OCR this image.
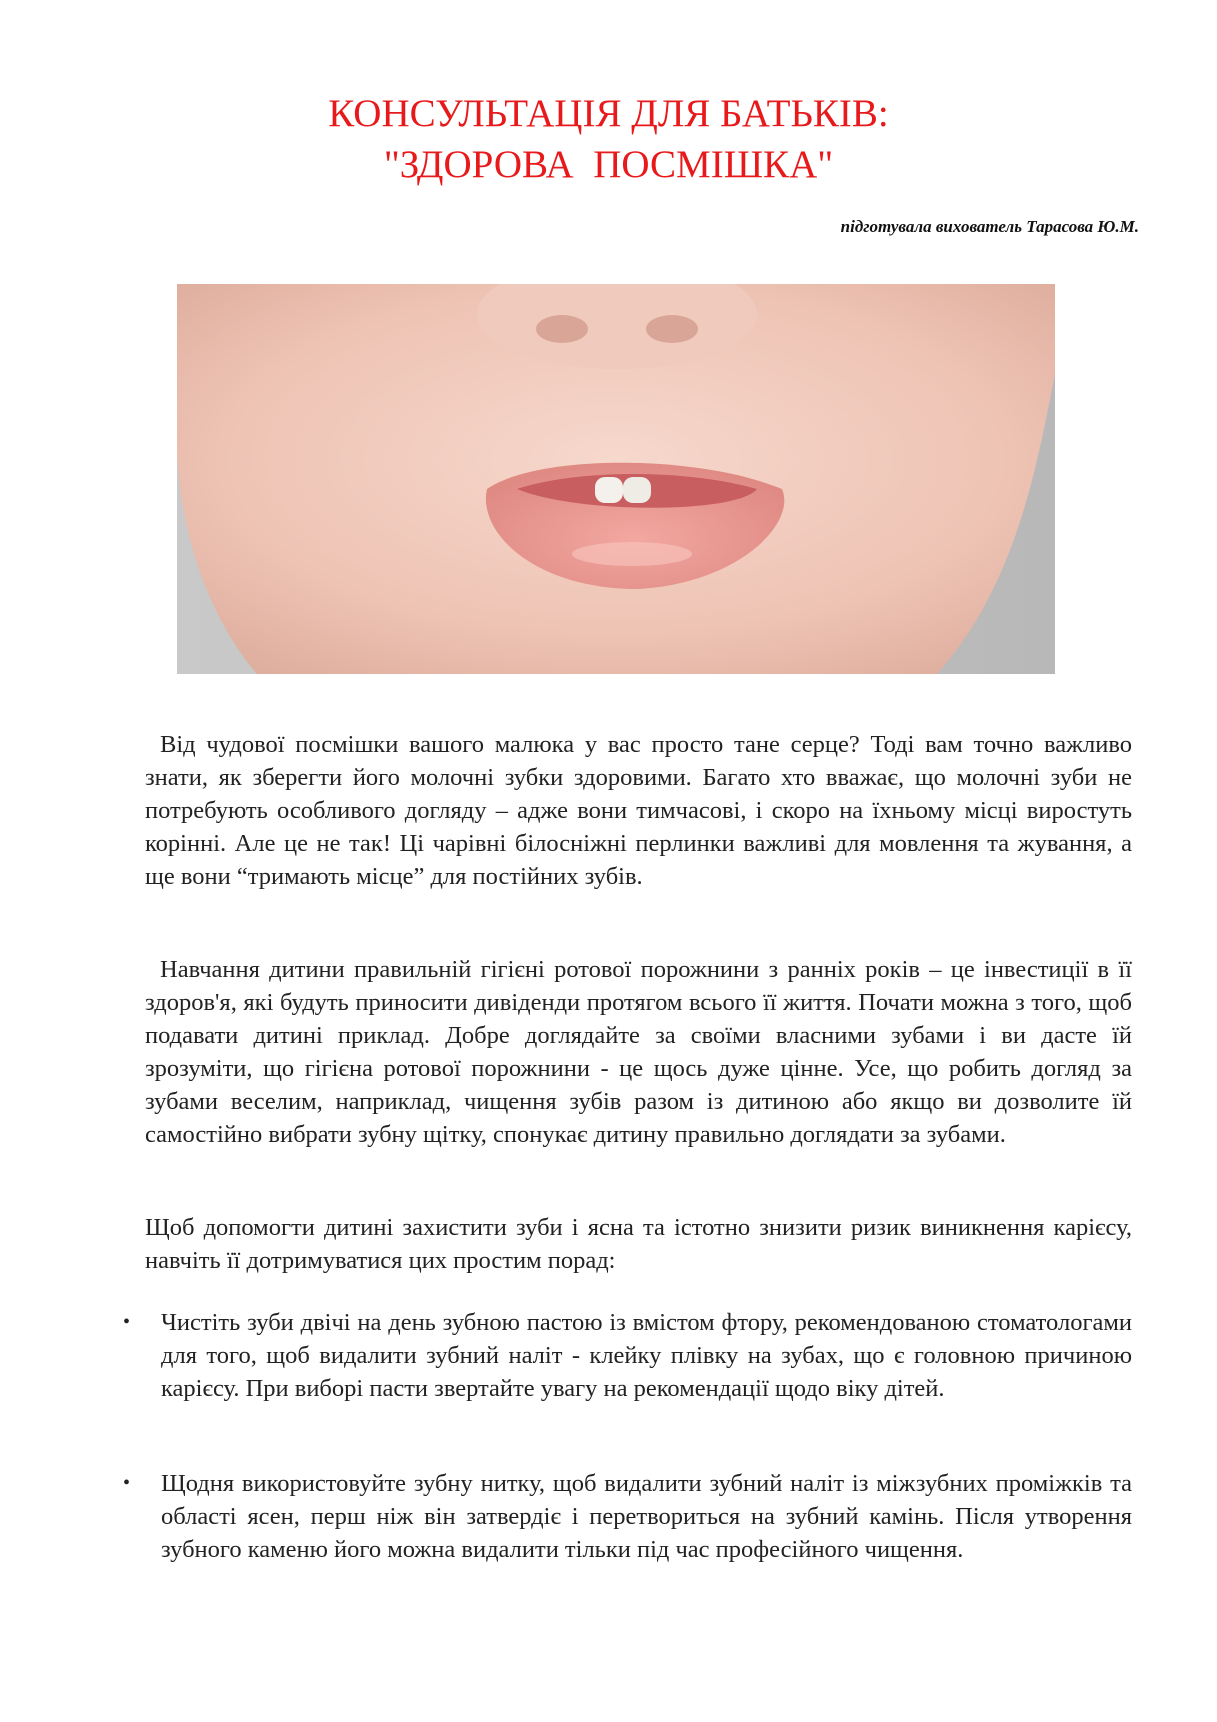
КОНСУЛЬТАЦІЯ ДЛЯ БАТЬКІВ:
"ЗДОРОВА  ПОСМІШКА"
підготувала вихователь Тарасова Ю.М.

Від чудової посмішки вашого малюка у вас просто тане серце? Тоді вам точно важливо знати, як зберегти його молочні зубки здоровими. Багато хто вважає, що молочні зуби не потребують особливого догляду – адже вони тимчасові, і скоро на їхньому місці виростуть корінні. Але це не так! Ці чарівні білосніжні перлинки важливі для мовлення та жування, а ще вони “тримають місце” для постійних зубів.

Навчання дитини правильній гігієні ротової порожнини з ранніх років – це інвестиції в її здоров'я, які будуть приносити дивіденди протягом всього її життя. Почати можна з того, щоб подавати дитині приклад. Добре доглядайте за своїми власними зубами і ви дасте їй зрозуміти, що гігієна ротової порожнини - це щось дуже цінне. Усе, що робить догляд за зубами веселим, наприклад, чищення зубів разом із дитиною або якщо ви дозволите їй самостійно вибрати зубну щітку, спонукає дитину правильно доглядати за зубами.

Щоб допомогти дитині захистити зуби і ясна та істотно знизити ризик виникнення карієсу, навчіть її дотримуватися цих простим порад:

• Чистіть зуби двічі на день зубною пастою із вмістом фтору, рекомендованою стоматологами для того, щоб видалити зубний наліт - клейку плівку на зубах, що є головною причиною карієсу. При виборі пасти звертайте увагу на рекомендації щодо віку дітей.
• Щодня використовуйте зубну нитку, щоб видалити зубний наліт із міжзубних проміжків та області ясен, перш ніж він затвердіє і перетвориться на зубний камінь. Після утворення зубного каменю його можна видалити тільки під час професійного чищення.
